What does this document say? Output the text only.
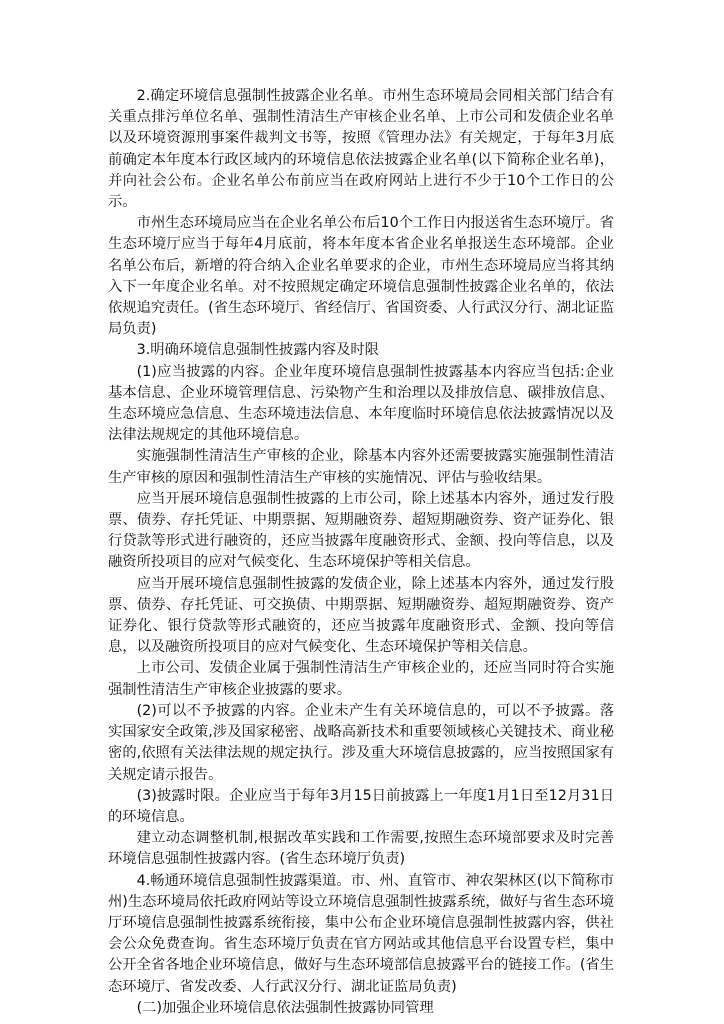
2.确定环境信息强制性披露企业名单。市州生态环境局会同相关部门结合有关重点排污单位名单、强制性清洁生产审核企业名单、上市公司和发债企业名单以及环境资源刑事案件裁判文书等，按照《管理办法》有关规定，于每年3月底前确定本年度本行政区域内的环境信息依法披露企业名单(以下简称企业名单)，并向社会公布。企业名单公布前应当在政府网站上进行不少于10个工作日的公示。

市州生态环境局应当在企业名单公布后10个工作日内报送省生态环境厅。省生态环境厅应当于每年4月底前，将本年度本省企业名单报送生态环境部。企业名单公布后，新增的符合纳入企业名单要求的企业，市州生态环境局应当将其纳入下一年度企业名单。对不按照规定确定环境信息强制性披露企业名单的，依法依规追究责任。(省生态环境厅、省经信厅、省国资委、人行武汉分行、湖北证监局负责)

3.明确环境信息强制性披露内容及时限

(1)应当披露的内容。企业年度环境信息强制性披露基本内容应当包括:企业基本信息、企业环境管理信息、污染物产生和治理以及排放信息、碳排放信息、生态环境应急信息、生态环境违法信息、本年度临时环境信息依法披露情况以及法律法规规定的其他环境信息。

实施强制性清洁生产审核的企业，除基本内容外还需要披露实施强制性清洁生产审核的原因和强制性清洁生产审核的实施情况、评估与验收结果。

应当开展环境信息强制性披露的上市公司，除上述基本内容外，通过发行股票、债券、存托凭证、中期票据、短期融资券、超短期融资券、资产证券化、银行贷款等形式进行融资的，还应当披露年度融资形式、金额、投向等信息，以及融资所投项目的应对气候变化、生态环境保护等相关信息。

应当开展环境信息强制性披露的发债企业，除上述基本内容外，通过发行股票、债券、存托凭证、可交换债、中期票据、短期融资券、超短期融资券、资产证券化、银行贷款等形式融资的，还应当披露年度融资形式、金额、投向等信息，以及融资所投项目的应对气候变化、生态环境保护等相关信息。

上市公司、发债企业属于强制性清洁生产审核企业的，还应当同时符合实施强制性清洁生产审核企业披露的要求。

(2)可以不予披露的内容。企业未产生有关环境信息的，可以不予披露。落实国家安全政策,涉及国家秘密、战略高新技术和重要领域核心关键技术、商业秘密的,依照有关法律法规的规定执行。涉及重大环境信息披露的，应当按照国家有关规定请示报告。

(3)披露时限。企业应当于每年3月15日前披露上一年度1月1日至12月31日的环境信息。

建立动态调整机制,根据改革实践和工作需要,按照生态环境部要求及时完善环境信息强制性披露内容。(省生态环境厅负责)

4.畅通环境信息强制性披露渠道。市、州、直管市、神农架林区(以下简称市州)生态环境局依托政府网站等设立环境信息强制性披露系统，做好与省生态环境厅环境信息强制性披露系统衔接，集中公布企业环境信息强制性披露内容，供社会公众免费查询。省生态环境厅负责在官方网站或其他信息平台设置专栏，集中公开全省各地企业环境信息，做好与生态环境部信息披露平台的链接工作。(省生态环境厅、省发改委、人行武汉分行、湖北证监局负责)

(二)加强企业环境信息依法强制性披露协同管理
